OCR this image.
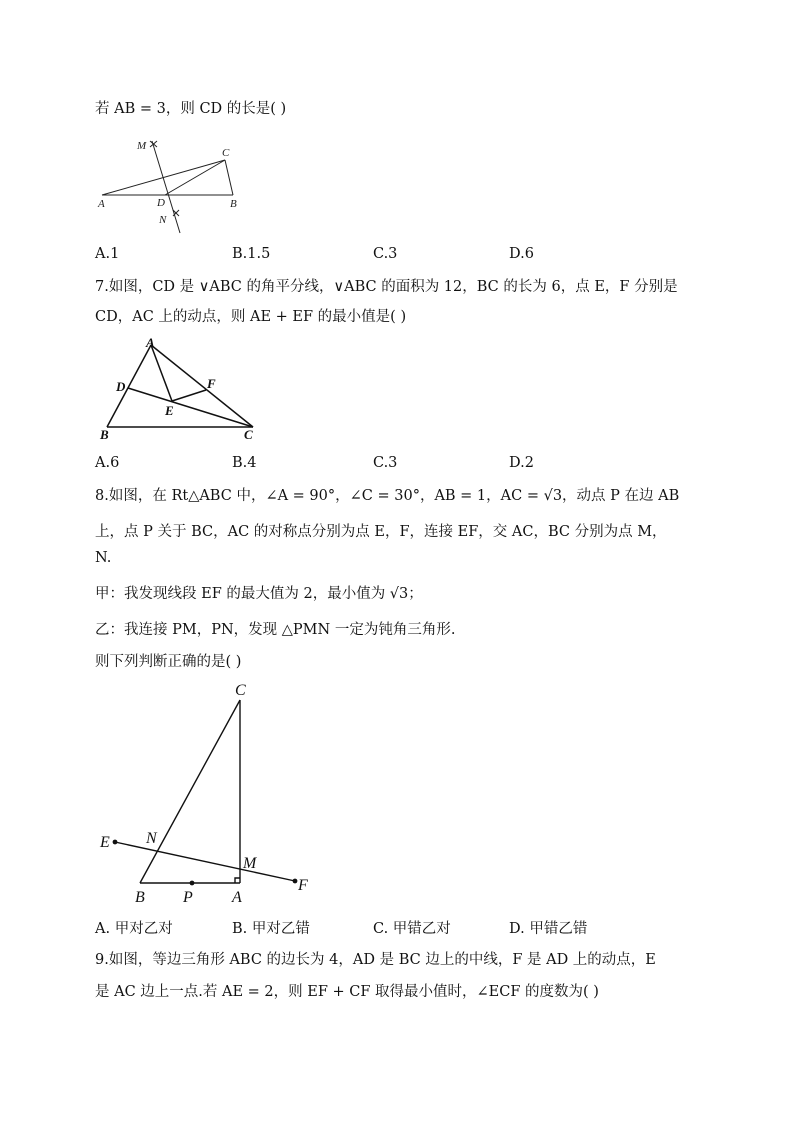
若 AB = 3，则 CD 的长是( )
M
C
A	D	B
N
A.1	B.1.5	C.3	D.6
7.如图，CD 是 ∨ABC 的角平分线，∨ABC 的面积为 12，BC 的长为 6，点 E，F 分别是
CD，AC 上的动点，则 AE + EF 的最小值是( )
A
D	F
E
B	C
A.6	B.4	C.3	D.2
8.如图，在 Rt△ABC 中，∠A = 90°，∠C = 30°，AB = 1，AC = √3，动点 P 在边 AB
上，点 P 关于 BC，AC 的对称点分别为点 E，F，连接 EF，交 AC，BC 分别为点 M，
N.
甲：我发现线段 EF 的最大值为 2，最小值为 √3；
乙：我连接 PM，PN，发现 △PMN 一定为钝角三角形.
则下列判断正确的是( )
C
E N
M
F
B P A
A. 甲对乙对	B. 甲对乙错	C. 甲错乙对	D. 甲错乙错
9.如图，等边三角形 ABC 的边长为 4，AD 是 BC 边上的中线，F 是 AD 上的动点，E
是 AC 边上一点.若 AE = 2，则 EF + CF 取得最小值时，∠ECF 的度数为( )
